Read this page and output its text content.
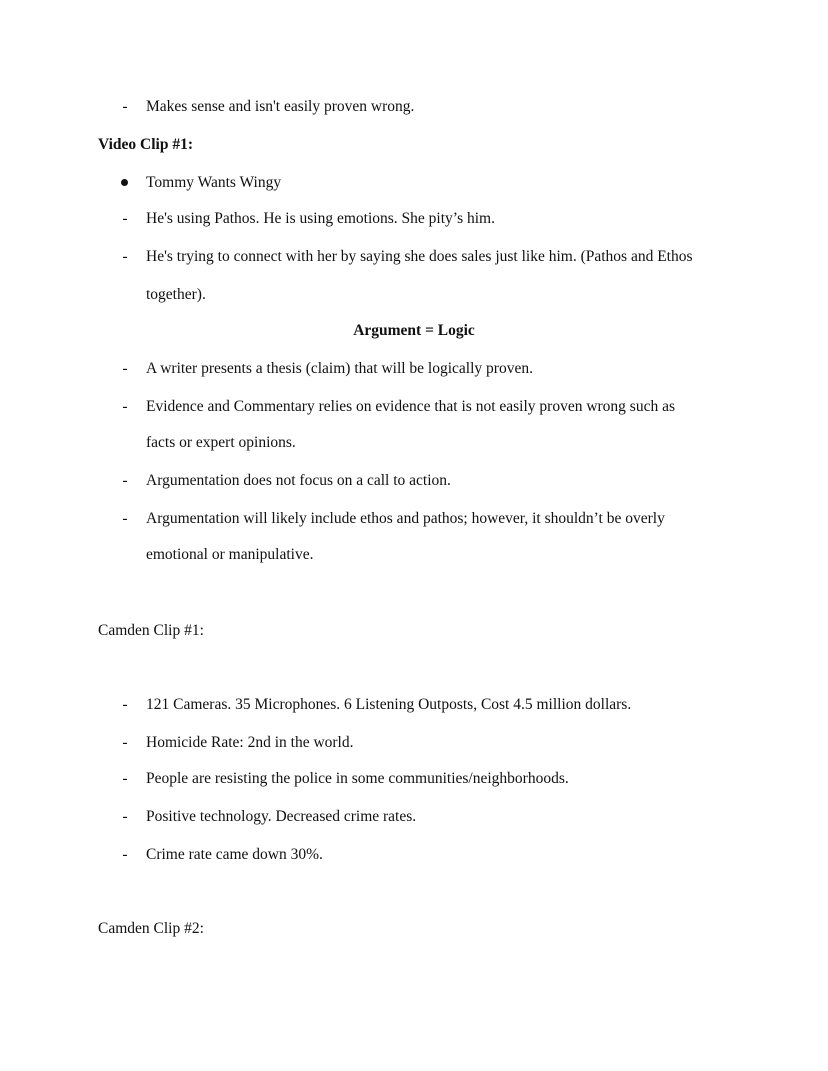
- Makes sense and isn't easily proven wrong.
Video Clip #1:
Tommy Wants Wingy
- He's using Pathos. He is using emotions. She pity’s him.
- He's trying to connect with her by saying she does sales just like him. (Pathos and Ethos
together).
Argument = Logic
- A writer presents a thesis (claim) that will be logically proven.
- Evidence and Commentary relies on evidence that is not easily proven wrong such as
facts or expert opinions.
- Argumentation does not focus on a call to action.
- Argumentation will likely include ethos and pathos; however, it shouldn’t be overly
emotional or manipulative.
Camden Clip #1:
- 121 Cameras. 35 Microphones. 6 Listening Outposts, Cost 4.5 million dollars.
- Homicide Rate: 2nd in the world.
- People are resisting the police in some communities/neighborhoods.
- Positive technology. Decreased crime rates.
- Crime rate came down 30%.
Camden Clip #2:
